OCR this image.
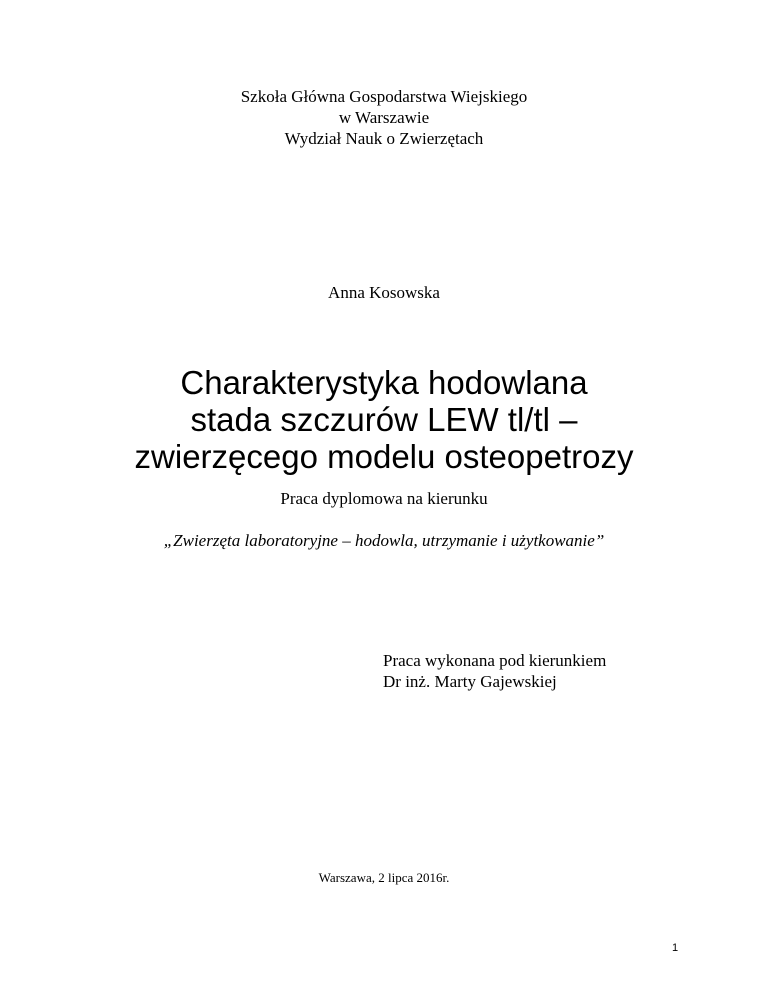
Szkoła Główna Gospodarstwa Wiejskiego
w Warszawie
Wydział Nauk o Zwierzętach
Anna Kosowska
Charakterystyka hodowlana
stada szczurów LEW tl/tl –
zwierzęcego modelu osteopetrozy
Praca dyplomowa na kierunku
„Zwierzęta laboratoryjne – hodowla, utrzymanie i użytkowanie”
Praca wykonana pod kierunkiem
Dr inż. Marty Gajewskiej
Warszawa, 2 lipca 2016r.
1
